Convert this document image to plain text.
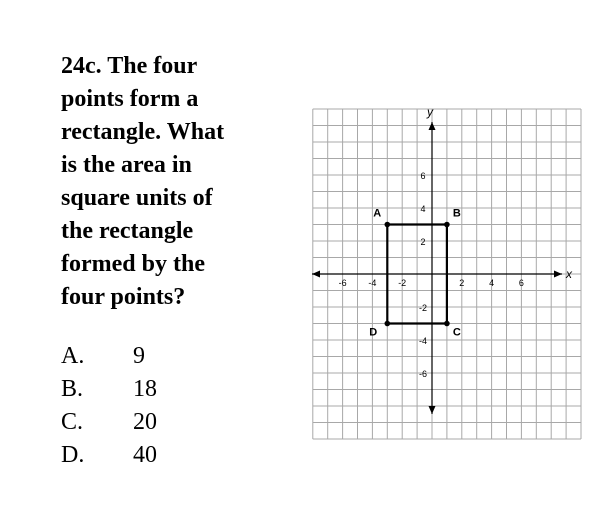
24c. The four
points form a
rectangle. What
is the area in
square units of
the rectangle
formed by the
four points?
A.	9
B.	18
C.	20
D.	40
x
y
-6 -4 -2	2	4	6
6
4
2
-2
-4
-6
A	B
C
D
